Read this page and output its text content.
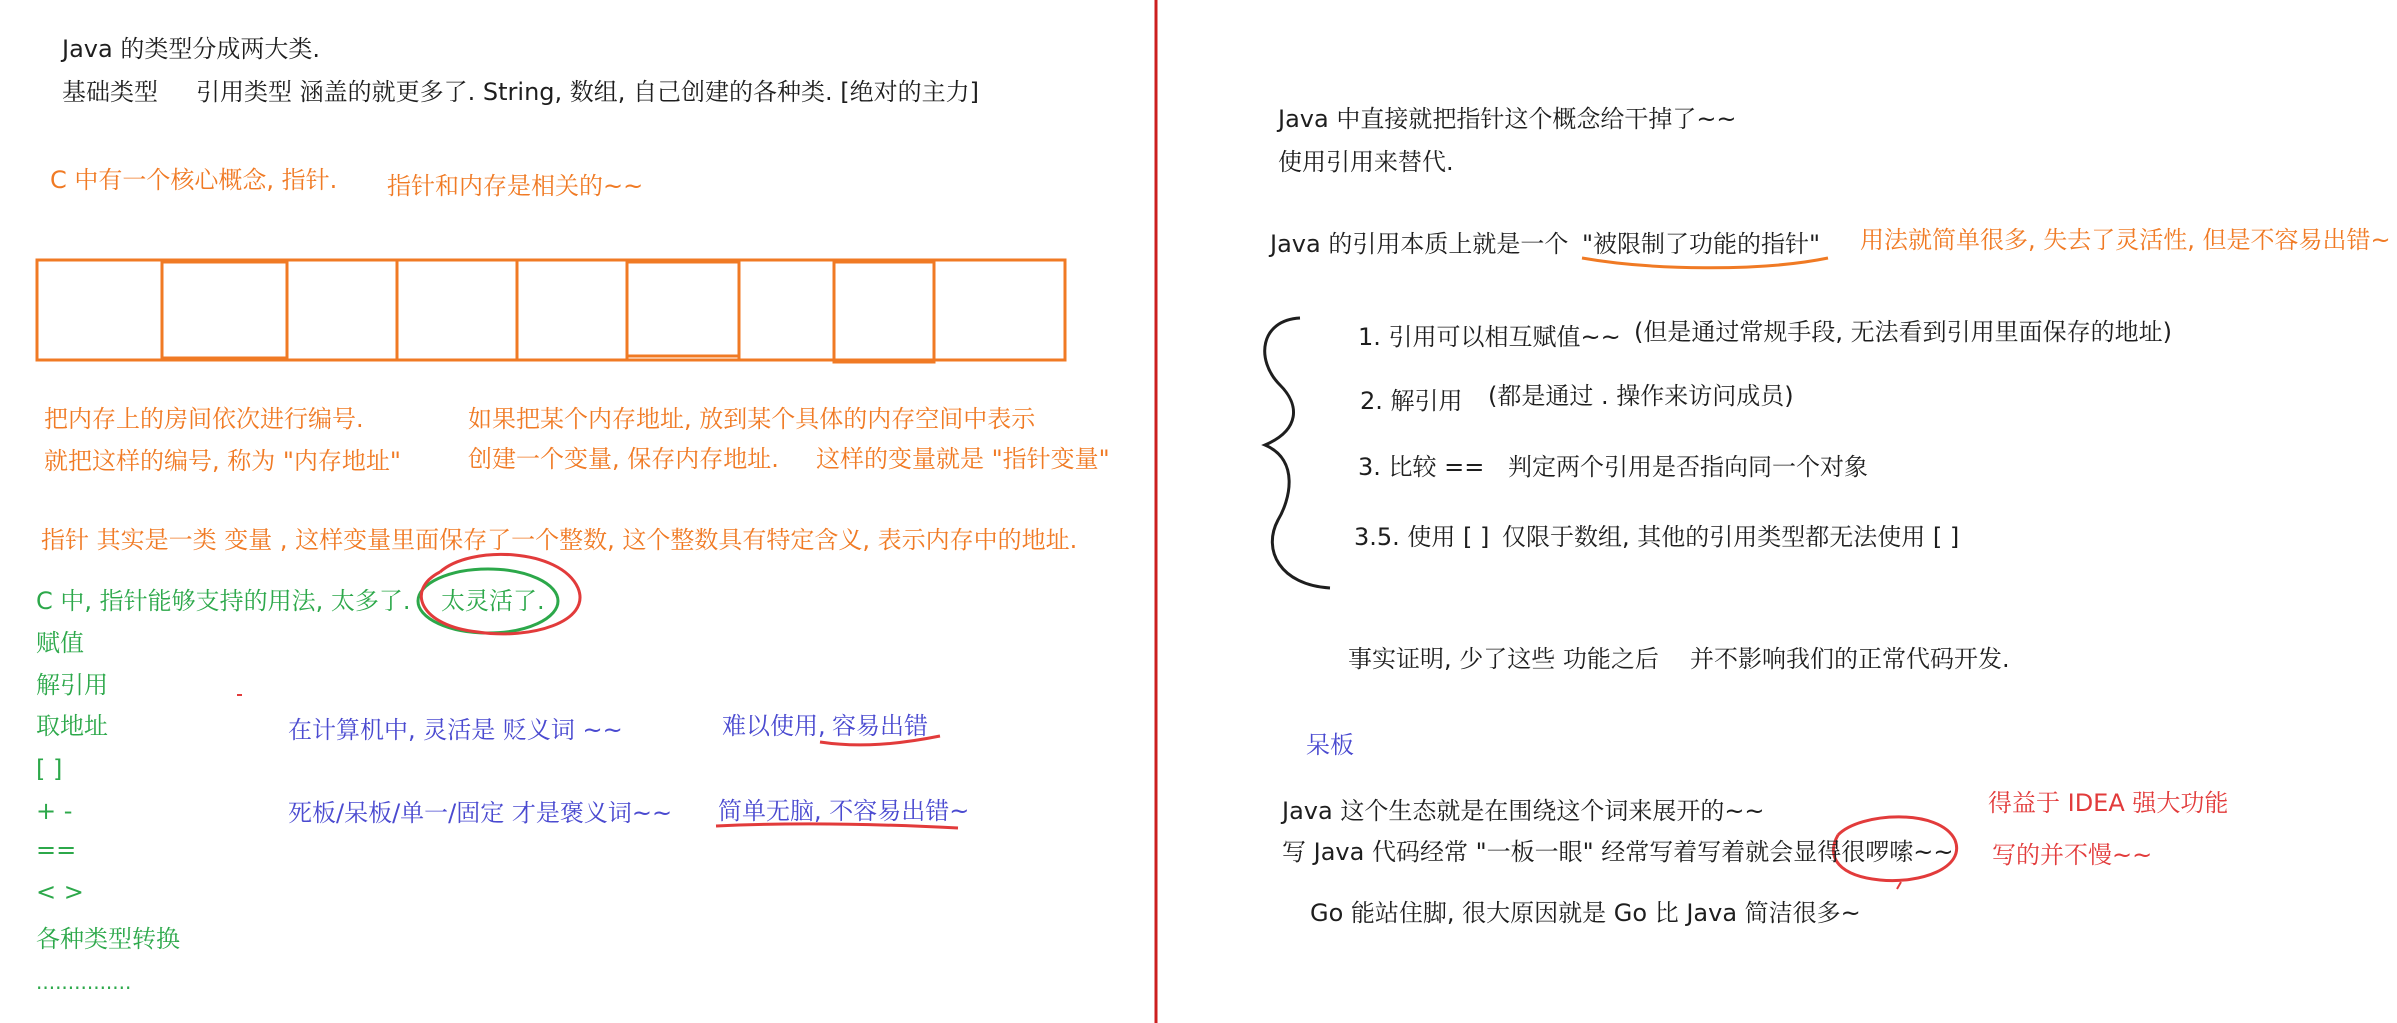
Java 的类型分成两大类.
基础类型 引用类型 涵盖的就更多了. String, 数组, 自己创建的各种类. [绝对的主力]
C 中有一个核心概念, 指针. 指针和内存是相关的~~
把内存上的房间依次进行编号.
就把这样的编号, 称为 "内存地址"
如果把某个内存地址, 放到某个具体的内存空间中表示
创建一个变量, 保存内存地址. 这样的变量就是 "指针变量"
指针 其实是一类 变量 , 这样变量里面保存了一个整数, 这个整数具有特定含义, 表示内存中的地址.
C 中, 指针能够支持的用法, 太多了. 太灵活了.
赋值
解引用
取地址
[ ]
+ -
==
< >
各种类型转换
...............
在计算机中, 灵活是 贬义词 ~~	难以使用, 容易出错
死板/呆板/单一/固定 才是褒义词~~ 简单无脑, 不容易出错~
Java 中直接就把指针这个概念给干掉了~~
使用引用来替代.
Java 的引用本质上就是一个 "被限制了功能的指针" 用法就简单很多, 失去了灵活性, 但是不容易出错~
1. 引用可以相互赋值~~ (但是通过常规手段, 无法看到引用里面保存的地址)
2. 解引用 (都是通过 . 操作来访问成员)
3. 比较 == 判定两个引用是否指向同一个对象
3.5. 使用 [ ] 仅限于数组, 其他的引用类型都无法使用 [ ]
事实证明, 少了这些 功能之后 并不影响我们的正常代码开发.
呆板
Java 这个生态就是在围绕这个词来展开的~~
写 Java 代码经常 "一板一眼" 经常写着写着就会显得很啰嗦~~
得益于 IDEA 强大功能
写的并不慢~~
Go 能站住脚, 很大原因就是 Go 比 Java 简洁很多~
